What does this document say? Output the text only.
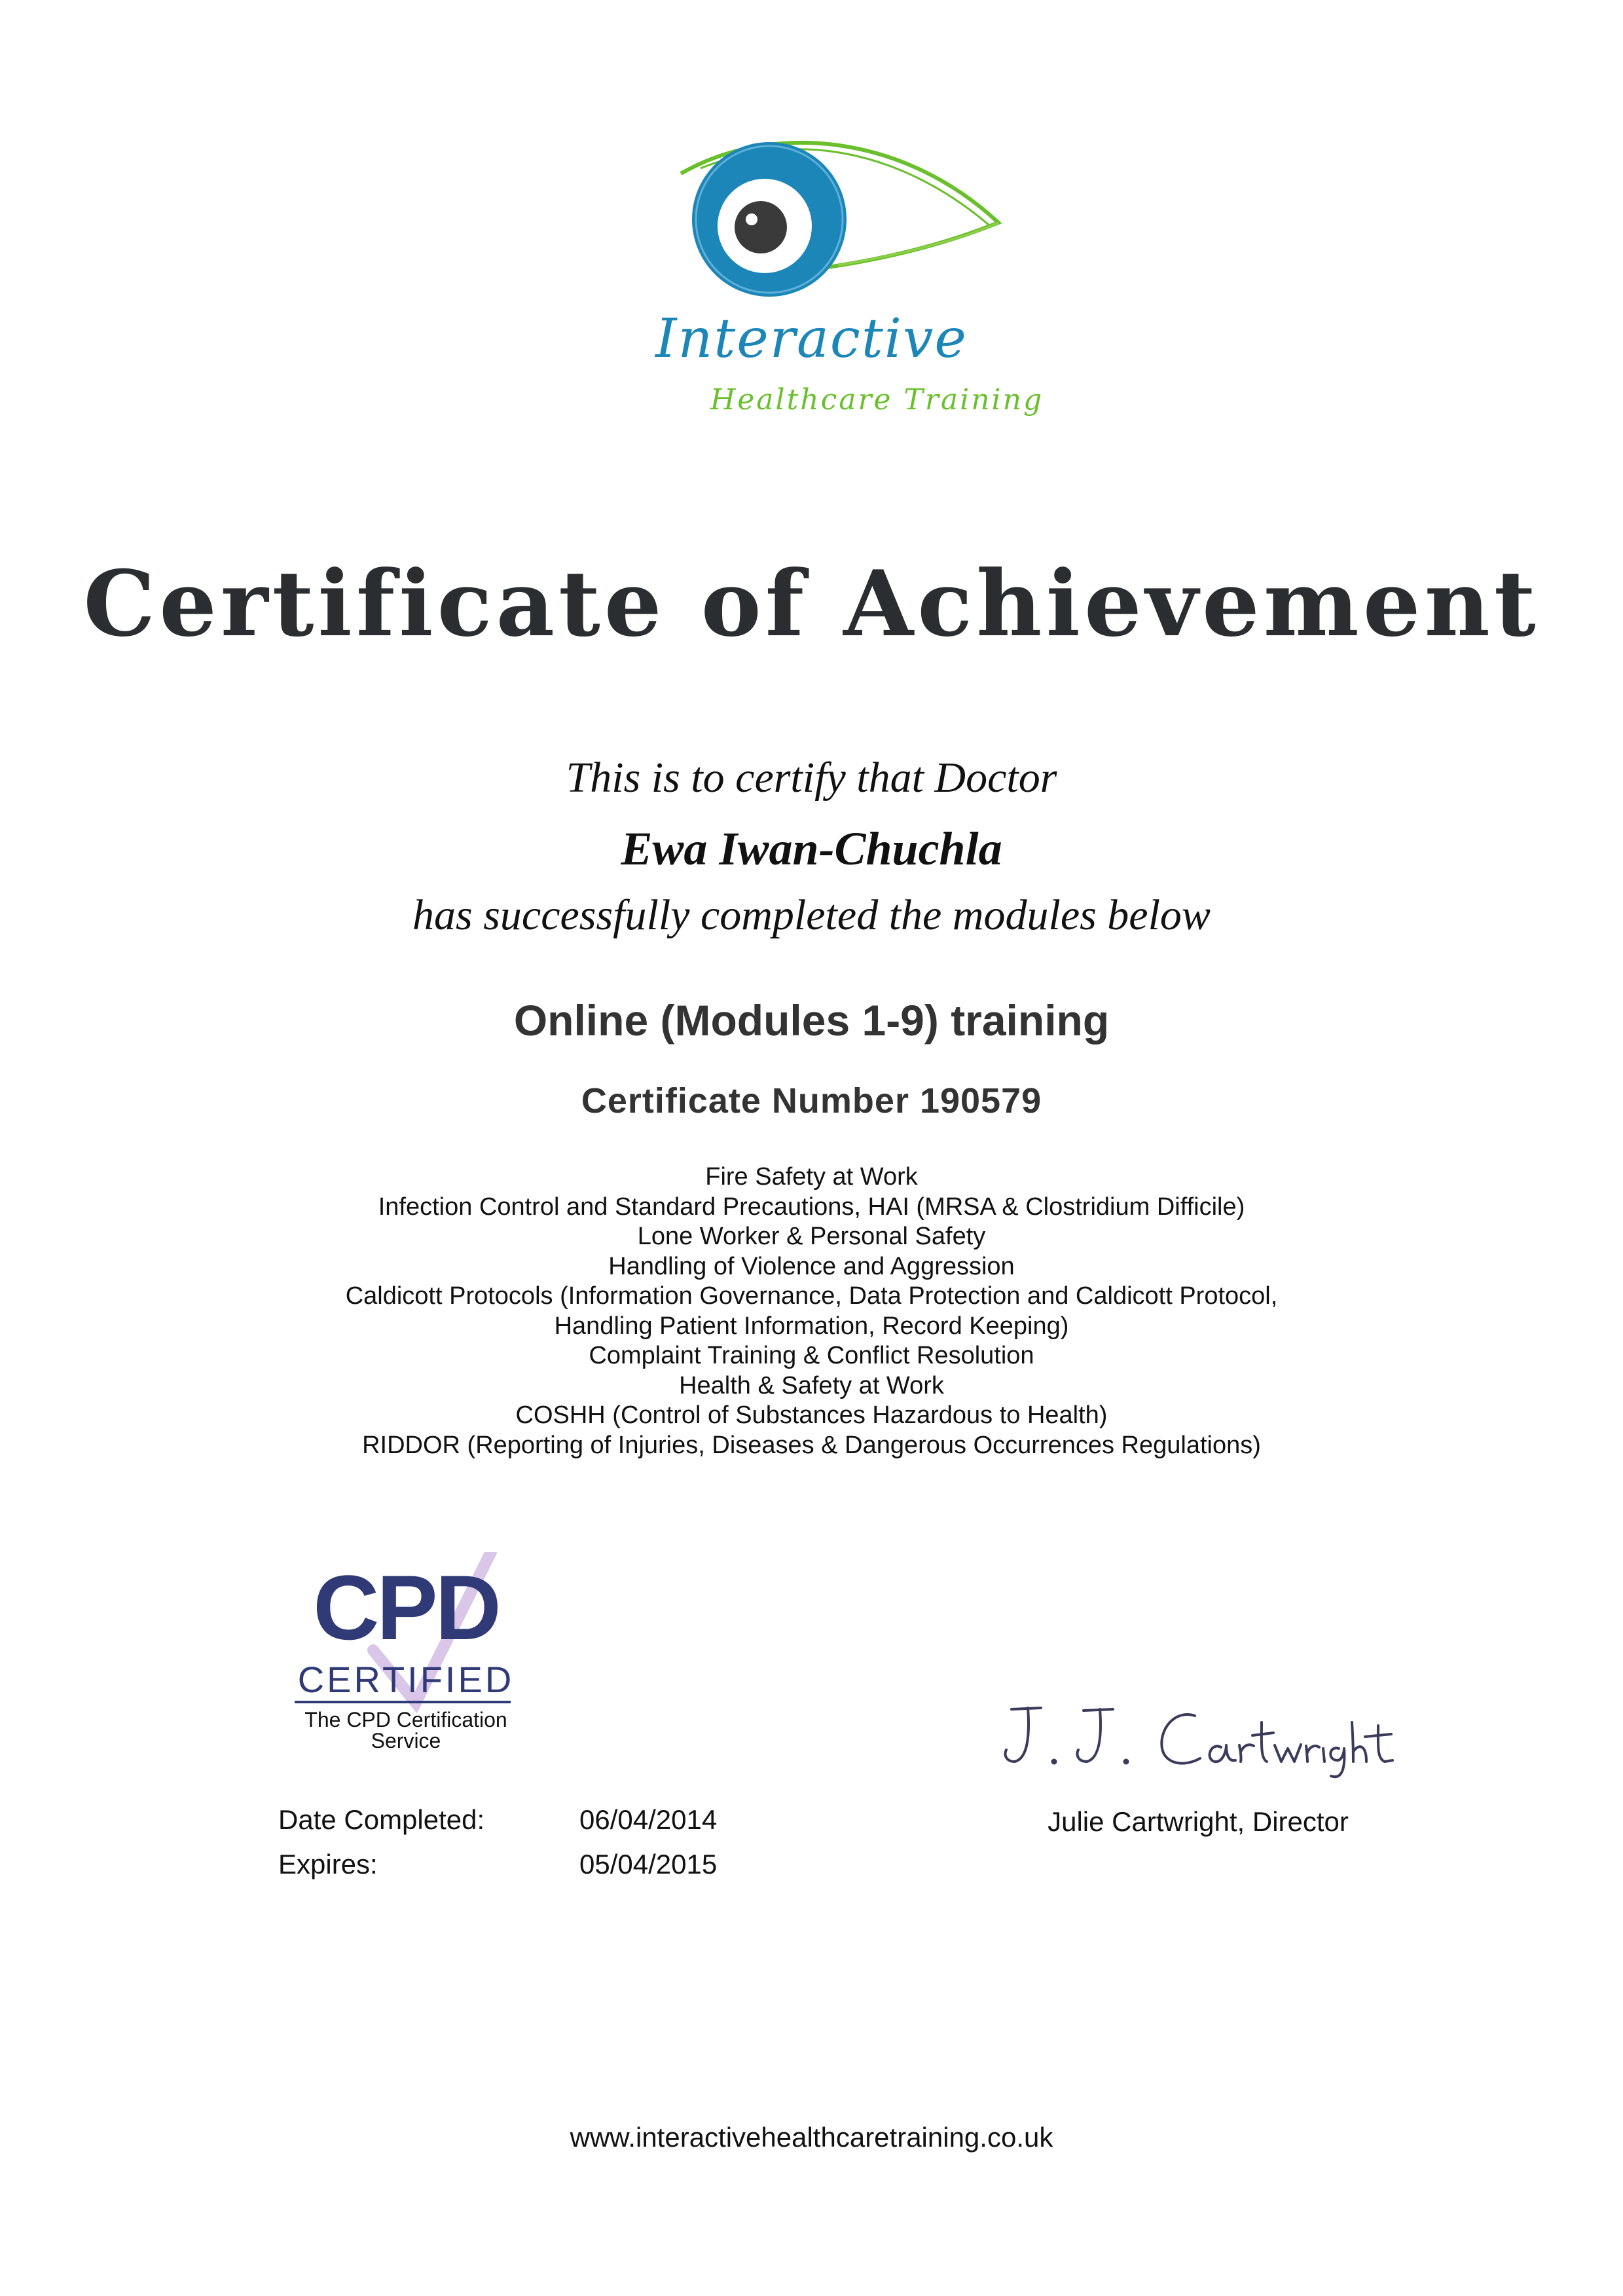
Interactive
Healthcare Training
Certificate of Achievement
This is to certify that Doctor
Ewa Iwan-Chuchla
has successfully completed the modules below
Online (Modules 1-9) training
Certificate Number 190579
Fire Safety at Work
Infection Control and Standard Precautions, HAI (MRSA & Clostridium Difficile)
Lone Worker & Personal Safety
Handling of Violence and Aggression
Caldicott Protocols (Information Governance, Data Protection and Caldicott Protocol,
Handling Patient Information, Record Keeping)
Complaint Training & Conflict Resolution
Health & Safety at Work
COSHH (Control of Substances Hazardous to Health)
RIDDOR (Reporting of Injuries, Diseases & Dangerous Occurrences Regulations)
CPD
CERTIFIED
The CPD Certification
Service
Date Completed:	06/04/2014
Expires:	05/04/2015
Julie Cartwright, Director
www.interactivehealthcaretraining.co.uk
